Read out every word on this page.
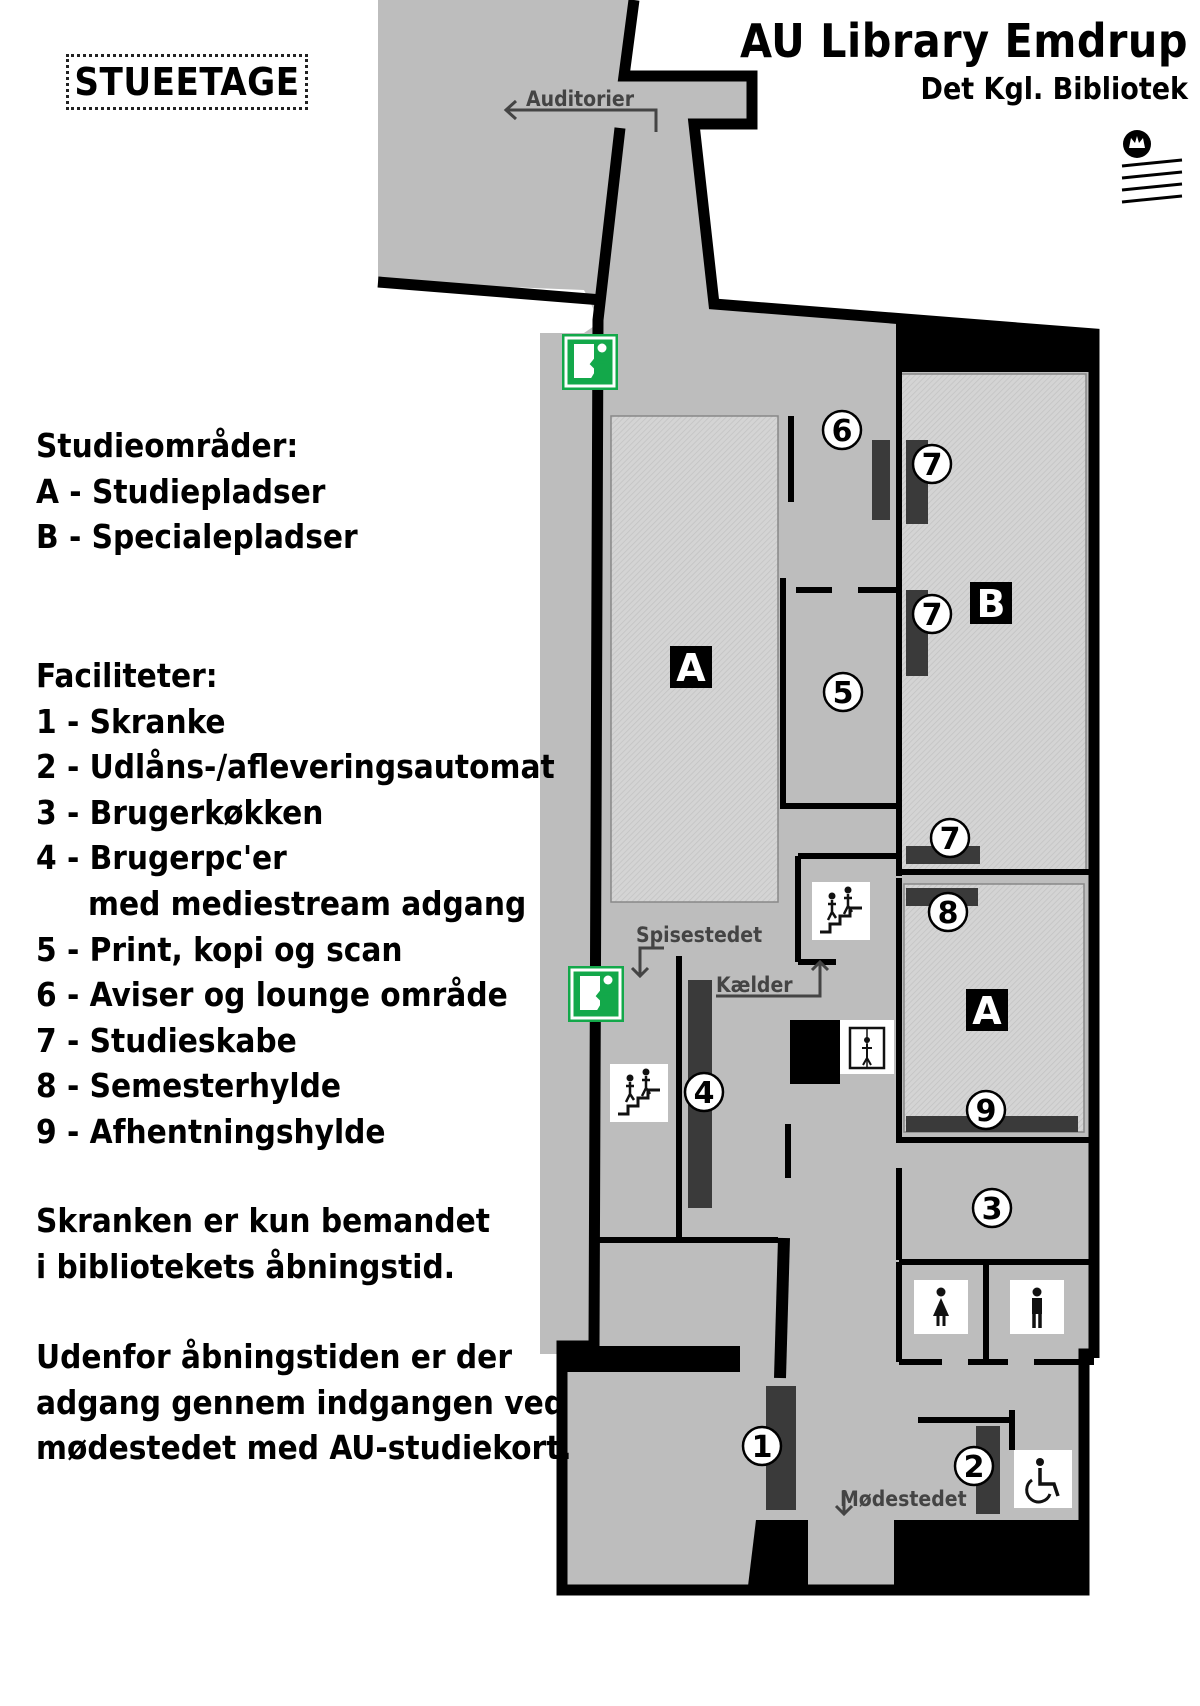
Auditorier
Spisestedet
Kælder
Mødestedet
A
B
A
1
2
3
4
5
6
7
7
7
8
9
AU Library Emdrup
Det Kgl. Bibliotek
STUEETAGE
Studieområder:
A - Studiepladser
B - Specialepladser
Faciliteter:
1 - Skranke
2 - Udlåns-/afleveringsautomat
3 - Brugerkøkken
4 - Brugerpc'er
med mediestream adgang
5 - Print, kopi og scan
6 - Aviser og lounge område
7 - Studieskabe
8 - Semesterhylde
9 - Afhentningshylde
Skranken er kun bemandet
i bibliotekets åbningstid.
Udenfor åbningstiden er der
adgang gennem indgangen ved
mødestedet med AU-studiekort.
